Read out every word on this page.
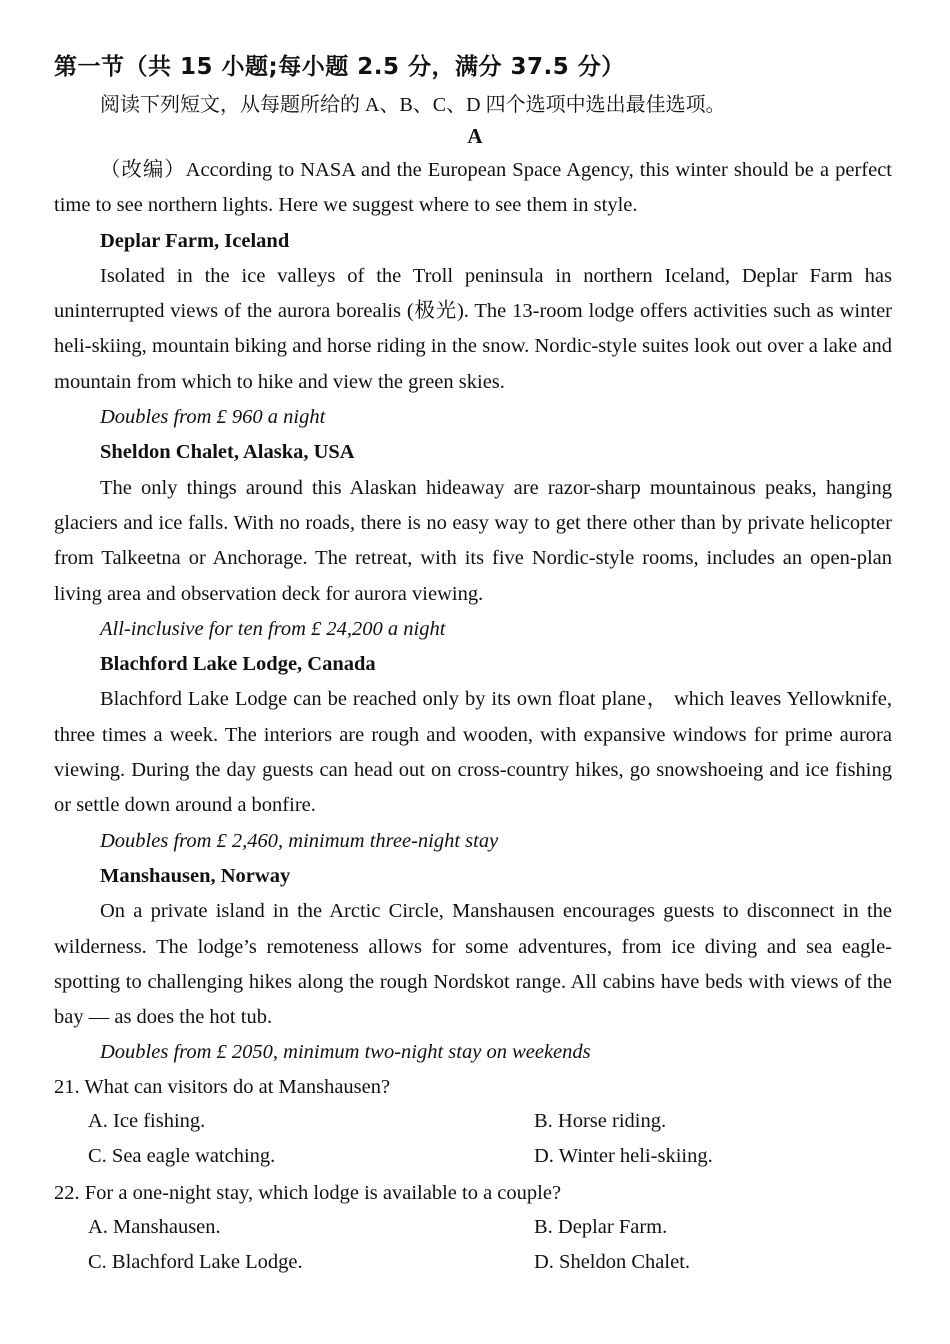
第一节（共 15 小题;每小题 2.5 分，满分 37.5 分）
阅读下列短文，从每题所给的 A、B、C、D 四个选项中选出最佳选项。
A

（改编）According to NASA and the European Space Agency, this winter should be a perfect time to see northern lights. Here we suggest where to see them in style.

Deplar Farm, Iceland

Isolated in the ice valleys of the Troll peninsula in northern Iceland, Deplar Farm has uninterrupted views of the aurora borealis (极光). The 13-room lodge offers activities such as winter heli-skiing, mountain biking and horse riding in the snow. Nordic-style suites look out over a lake and mountain from which to hike and view the green skies.

Doubles from £ 960 a night

Sheldon Chalet, Alaska, USA

The only things around this Alaskan hideaway are razor-sharp mountainous peaks, hanging glaciers and ice falls. With no roads, there is no easy way to get there other than by private helicopter from Talkeetna or Anchorage. The retreat, with its five Nordic-style rooms, includes an open-plan living area and observation deck for aurora viewing.

All-inclusive for ten from £ 24,200 a night

Blachford Lake Lodge, Canada

Blachford Lake Lodge can be reached only by its own float plane， which leaves Yellowknife, three times a week. The interiors are rough and wooden, with expansive windows for prime aurora viewing. During the day guests can head out on cross-country hikes, go snowshoeing and ice fishing or settle down around a bonfire.

Doubles from £ 2,460, minimum three-night stay

Manshausen, Norway

On a private island in the Arctic Circle, Manshausen encourages guests to disconnect in the wilderness. The lodge’s remoteness allows for some adventures, from ice diving and sea eagle-spotting to challenging hikes along the rough Nordskot range. All cabins have beds with views of the bay — as does the hot tub.

Doubles from £ 2050, minimum two-night stay on weekends

21. What can visitors do at Manshausen?
A. Ice fishing.	B. Horse riding.
C. Sea eagle watching.	D. Winter heli-skiing.
22. For a one-night stay, which lodge is available to a couple?
A. Manshausen.	B. Deplar Farm.
C. Blachford Lake Lodge.	D. Sheldon Chalet.
